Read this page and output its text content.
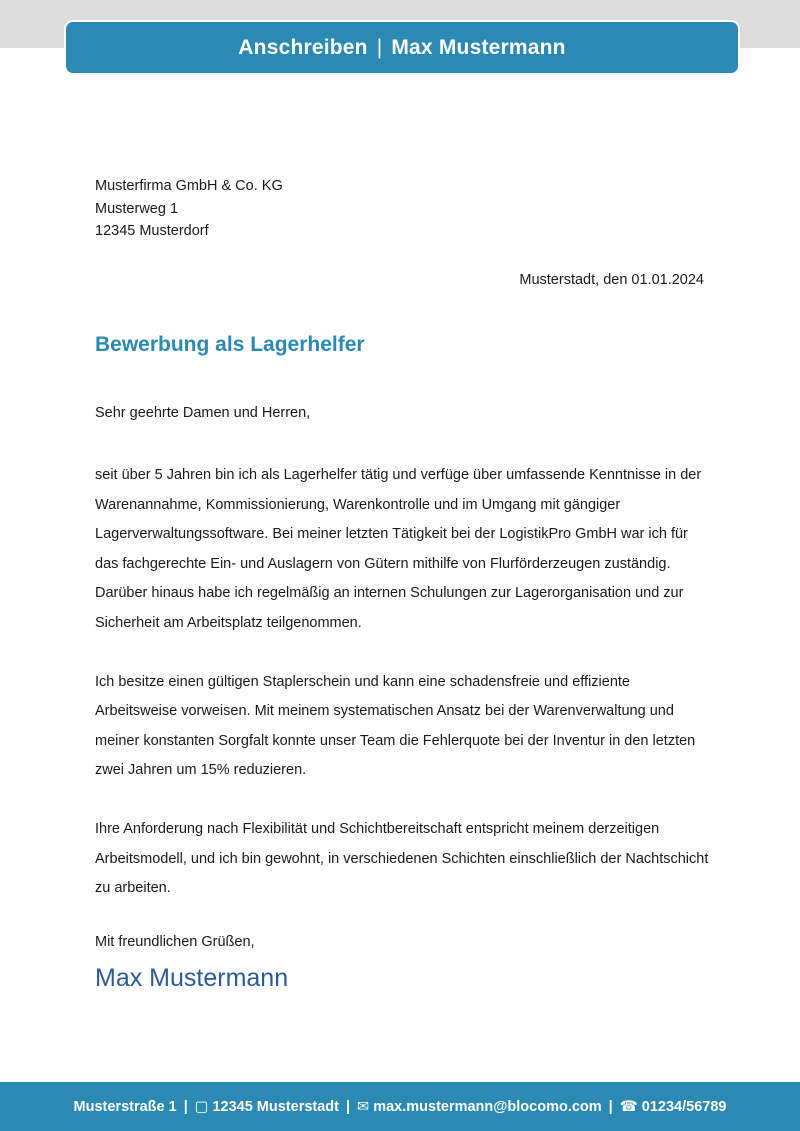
Anschreiben | Max Mustermann
Musterfirma GmbH & Co. KG
Musterweg 1
12345 Musterdorf
Musterstadt, den 01.01.2024
Bewerbung als Lagerhelfer
Sehr geehrte Damen und Herren,

seit über 5 Jahren bin ich als Lagerhelfer tätig und verfüge über umfassende Kenntnisse in der Warenannahme, Kommissionierung, Warenkontrolle und im Umgang mit gängiger Lagerverwaltungssoftware. Bei meiner letzten Tätigkeit bei der LogistikPro GmbH war ich für das fachgerechte Ein- und Auslagern von Gütern mithilfe von Flurförderzeugen zuständig. Darüber hinaus habe ich regelmäßig an internen Schulungen zur Lagerorganisation und zur Sicherheit am Arbeitsplatz teilgenommen.

Ich besitze einen gültigen Staplerschein und kann eine schadensfreie und effiziente Arbeitsweise vorweisen. Mit meinem systematischen Ansatz bei der Warenverwaltung und meiner konstanten Sorgfalt konnte unser Team die Fehlerquote bei der Inventur in den letzten zwei Jahren um 15% reduzieren.

Ihre Anforderung nach Flexibilität und Schichtbereitschaft entspricht meinem derzeitigen Arbeitsmodell, und ich bin gewohnt, in verschiedenen Schichten einschließlich der Nachtschicht zu arbeiten.

Mit freundlichen Grüßen,
Max Mustermann
Musterstraße 1 | ▢ 12345 Musterstadt | ✉ max.mustermann@blocomo.com | ☎ 01234/56789
